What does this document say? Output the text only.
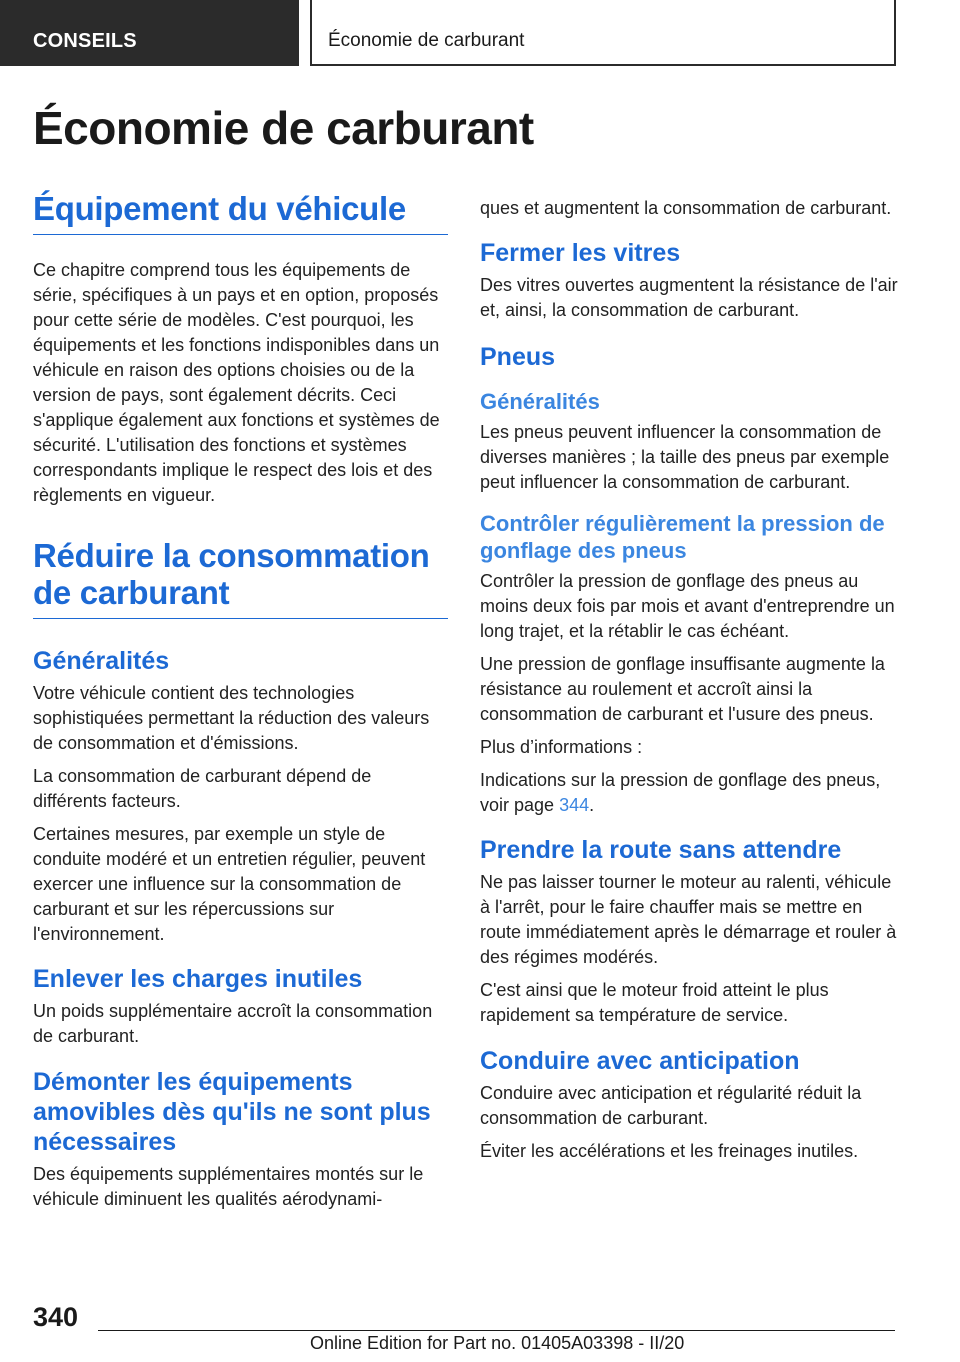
CONSEILS	Économie de carburant
Économie de carburant
Équipement du véhicule

Ce chapitre comprend tous les équipements de série, spécifiques à un pays et en option, proposés pour cette série de modèles. C'est pourquoi, les équipements et les fonctions indisponibles dans un véhicule en raison des options choisies ou de la version de pays, sont également décrits. Ceci s'applique également aux fonctions et systèmes de sécurité. L'utilisation des fonctions et systèmes correspondants implique le respect des lois et des règlements en vigueur.

Réduire la consommation de carburant
Généralités

Votre véhicule contient des technologies sophistiquées permettant la réduction des valeurs de consommation et d'émissions.

La consommation de carburant dépend de différents facteurs.

Certaines mesures, par exemple un style de conduite modéré et un entretien régulier, peuvent exercer une influence sur la consommation de carburant et sur les répercussions sur l'environnement.

Enlever les charges inutiles

Un poids supplémentaire accroît la consommation de carburant.

Démonter les équipements amovibles dès qu'ils ne sont plus nécessaires

Des équipements supplémentaires montés sur le véhicule diminuent les qualités aérodynami-

ques et augmentent la consommation de carburant.

Fermer les vitres

Des vitres ouvertes augmentent la résistance de l'air et, ainsi, la consommation de carburant.

Pneus
Généralités

Les pneus peuvent influencer la consommation de diverses manières ; la taille des pneus par exemple peut influencer la consommation de carburant.

Contrôler régulièrement la pression de gonflage des pneus

Contrôler la pression de gonflage des pneus au moins deux fois par mois et avant d'entreprendre un long trajet, et la rétablir le cas échéant.

Une pression de gonflage insuffisante augmente la résistance au roulement et accroît ainsi la consommation de carburant et l'usure des pneus.

Plus d’informations :

Indications sur la pression de gonflage des pneus, voir page 344.

Prendre la route sans attendre

Ne pas laisser tourner le moteur au ralenti, véhicule à l'arrêt, pour le faire chauffer mais se mettre en route immédiatement après le démarrage et rouler à des régimes modérés.

C'est ainsi que le moteur froid atteint le plus rapidement sa température de service.

Conduire avec anticipation

Conduire avec anticipation et régularité réduit la consommation de carburant.

Éviter les accélérations et les freinages inutiles.

340
Online Edition for Part no. 01405A03398 - II/20
